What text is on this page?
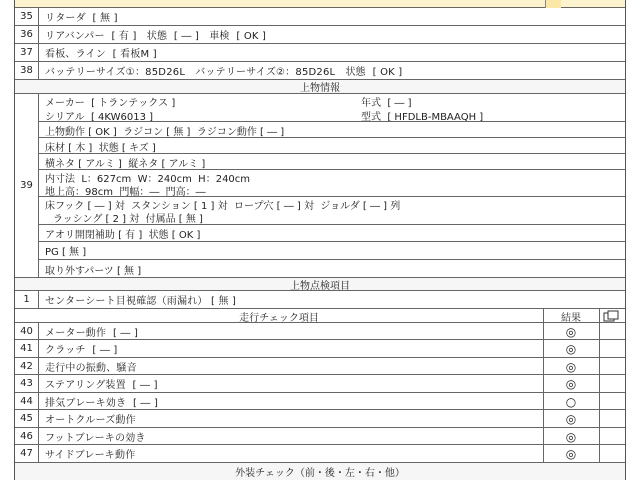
35	リターダ  [ 無 ]
36	リアバンパー  [ 有 ]   状態  [ ― ]   車検  [ OK ]
37	看板、ライン  [ 看板M ]
38	バッテリーサイズ①：85D26L   バッテリーサイズ②：85D26L   状態  [ OK ]
上物情報
39
メーカー  [ トランテックス ]	年式  [ ― ]
シリアル  [ 4KW6013 ]	型式  [ HFDLB-MBAAQH ]
上物動作 [ OK ]  ラジコン [ 無 ]  ラジコン動作 [ ― ]
床材 [ 木 ]  状態 [ キズ ]
横ネタ [ アルミ ]  縦ネタ [ アルミ ]
内寸法  L：627cm  W：240cm  H：240cm
地上高：98cm  門幅：―  門高：―
床フック [ ― ] 対  スタンション [ 1 ] 対  ロープ穴 [ ― ] 対  ジョルダ [ ― ] 列
ラッシング [ 2 ] 対  付属品 [ 無 ]
アオリ開閉補助 [ 有 ]  状態 [ OK ]
PG [ 無 ]
取り外すパーツ [ 無 ]
上物点検項目
1	センターシート目視確認（雨漏れ） [ 無 ]
走行チェック項目	結果
40	メーター動作  [ ― ]	◎
41	クラッチ  [ ― ]	◎
42	走行中の振動、騒音	◎
43	ステアリング装置  [ ― ]	◎
44	排気ブレーキ効き  [ ― ]	○
45	オートクルーズ動作	◎
46	フットブレーキの効き	◎
47	サイドブレーキ動作	◎
外装チェック（前・後・左・右・他）
